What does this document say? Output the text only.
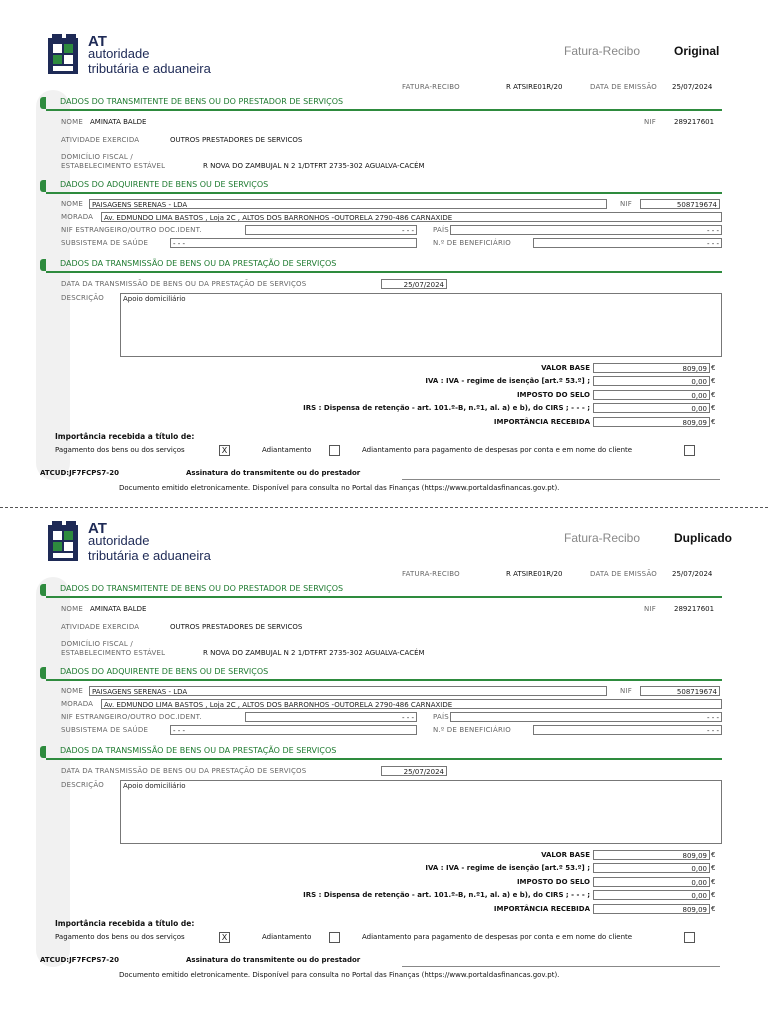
AT
autoridade
tributária e aduaneira
Fatura-Recibo	Original
FATURA-RECIBO	R ATSIRE01R/20	DATA DE EMISSÃO 25/07/2024
DADOS DO TRANSMITENTE DE BENS OU DO PRESTADOR DE SERVIÇOS
NOME AMINATA BALDE	NIF	289217601
ATIVIDADE EXERCIDA	OUTROS PRESTADORES DE SERVICOS
DOMICÍLIO FISCAL /
ESTABELECIMENTO ESTÁVEL	R NOVA DO ZAMBUJAL N 2 1/DTFRT 2735-302 AGUALVA-CACÉM
DADOS DO ADQUIRENTE DE BENS OU DE SERVIÇOS
NOME	PAISAGENS SERENAS - LDA	NIF	508719674
MORADA	Av. EDMUNDO LIMA BASTOS , Loja 2C , ALTOS DOS BARRONHOS -OUTORELA 2790-486 CARNAXIDE
NIF ESTRANGEIRO/OUTRO DOC.IDENT.	- - -	PAÍS	- - -
SUBSISTEMA DE SAÚDE	- - -	N.º DE BENEFICIÁRIO	- - -
DADOS DA TRANSMISSÃO DE BENS OU DA PRESTAÇÃO DE SERVIÇOS
DATA DA TRANSMISSÃO DE BENS OU DA PRESTAÇÃO DE SERVIÇOS	25/07/2024
DESCRIÇÃO	Apoio domiciliário
VALOR BASE	809,09 €
IVA : IVA - regime de isenção [art.º 53.º] ;	0,00 €
IMPOSTO DO SELO	0,00 €
IRS : Dispensa de retenção - art. 101.º-B, n.º1, al. a) e b), do CIRS ; - - - ;	0,00 €
IMPORTÂNCIA RECEBIDA	809,09 €
Importância recebida a título de:
Pagamento dos bens ou dos serviços	X	Adiantamento	Adiantamento para pagamento de despesas por conta e em nome do cliente
ATCUD:JF7FCPS7-20	Assinatura do transmitente ou do prestador
Documento emitido eletronicamente. Disponível para consulta no Portal das Finanças (https://www.portaldasfinancas.gov.pt).
AT
autoridade
tributária e aduaneira
Fatura-Recibo	Duplicado
FATURA-RECIBO	R ATSIRE01R/20	DATA DE EMISSÃO 25/07/2024
DADOS DO TRANSMITENTE DE BENS OU DO PRESTADOR DE SERVIÇOS
NOME AMINATA BALDE	NIF	289217601
ATIVIDADE EXERCIDA	OUTROS PRESTADORES DE SERVICOS
DOMICÍLIO FISCAL /
ESTABELECIMENTO ESTÁVEL	R NOVA DO ZAMBUJAL N 2 1/DTFRT 2735-302 AGUALVA-CACÉM
DADOS DO ADQUIRENTE DE BENS OU DE SERVIÇOS
NOME	PAISAGENS SERENAS - LDA	NIF	508719674
MORADA	Av. EDMUNDO LIMA BASTOS , Loja 2C , ALTOS DOS BARRONHOS -OUTORELA 2790-486 CARNAXIDE
NIF ESTRANGEIRO/OUTRO DOC.IDENT.	- - -	PAÍS	- - -
SUBSISTEMA DE SAÚDE	- - -	N.º DE BENEFICIÁRIO	- - -
DADOS DA TRANSMISSÃO DE BENS OU DA PRESTAÇÃO DE SERVIÇOS
DATA DA TRANSMISSÃO DE BENS OU DA PRESTAÇÃO DE SERVIÇOS	25/07/2024
DESCRIÇÃO	Apoio domiciliário
VALOR BASE	809,09 €
IVA : IVA - regime de isenção [art.º 53.º] ;	0,00 €
IMPOSTO DO SELO	0,00 €
IRS : Dispensa de retenção - art. 101.º-B, n.º1, al. a) e b), do CIRS ; - - - ;	0,00 €
IMPORTÂNCIA RECEBIDA	809,09 €
Importância recebida a título de:
Pagamento dos bens ou dos serviços	X	Adiantamento	Adiantamento para pagamento de despesas por conta e em nome do cliente
ATCUD:JF7FCPS7-20	Assinatura do transmitente ou do prestador
Documento emitido eletronicamente. Disponível para consulta no Portal das Finanças (https://www.portaldasfinancas.gov.pt).
